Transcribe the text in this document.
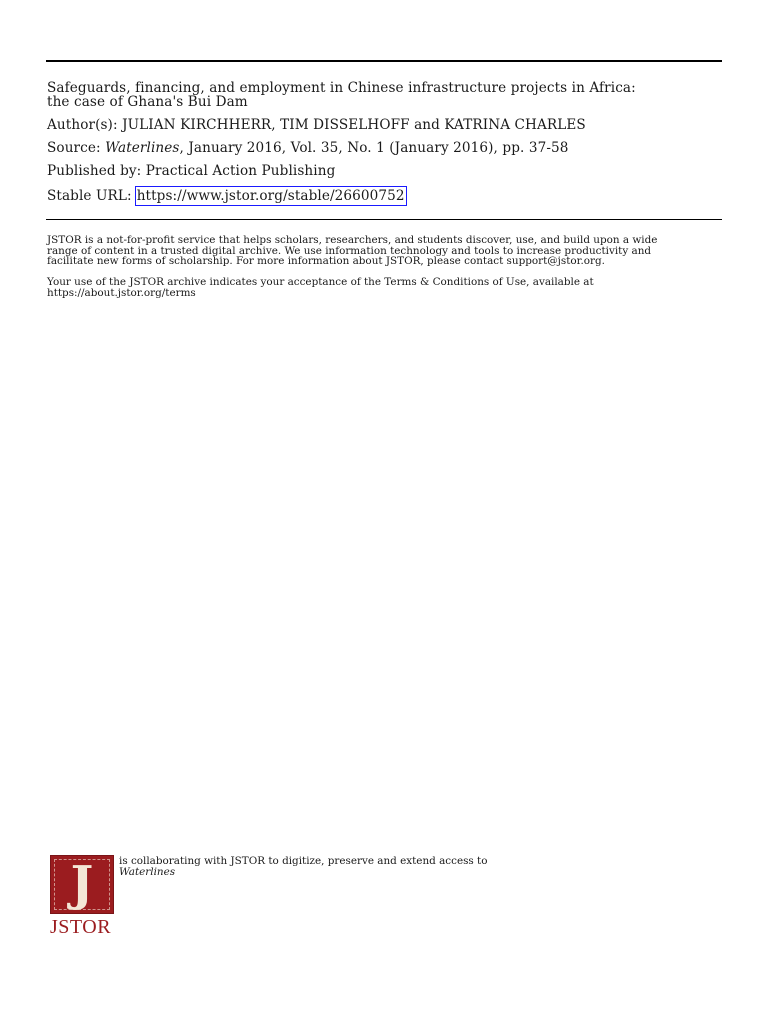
Safeguards, financing, and employment in Chinese infrastructure projects in Africa:
the case of Ghana's Bui Dam
Author(s): JULIAN KIRCHHERR, TIM DISSELHOFF and KATRINA CHARLES
Source: Waterlines, January 2016, Vol. 35, No. 1 (January 2016), pp. 37-58
Published by: Practical Action Publishing
Stable URL: https://www.jstor.org/stable/26600752
JSTOR is a not-for-profit service that helps scholars, researchers, and students discover, use, and build upon a wide
range of content in a trusted digital archive. We use information technology and tools to increase productivity and
facilitate new forms of scholarship. For more information about JSTOR, please contact support@jstor.org.
Your use of the JSTOR archive indicates your acceptance of the Terms & Conditions of Use, available at
https://about.jstor.org/terms
J
JSTOR
is collaborating with JSTOR to digitize, preserve and extend access to
Waterlines
